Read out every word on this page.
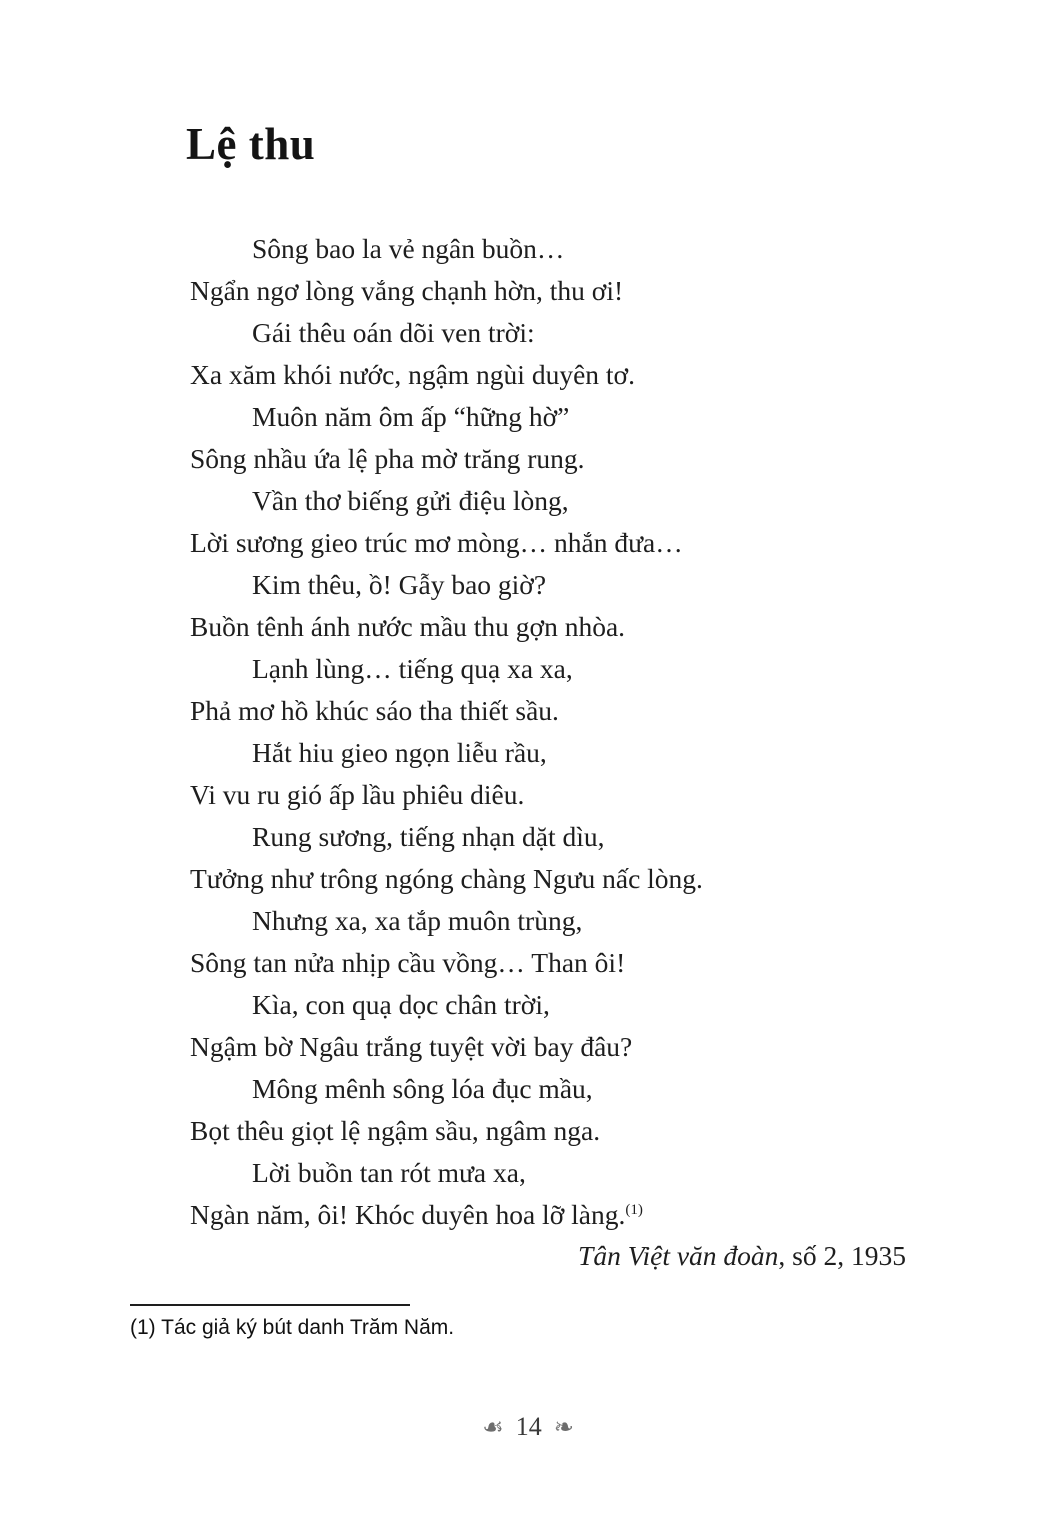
Lệ thu
Sông bao la vẻ ngân buồn…
Ngẩn ngơ lòng vắng chạnh hờn, thu ơi!
Gái thêu oán dõi ven trời:
Xa xăm khói nước, ngậm ngùi duyên tơ.
Muôn năm ôm ấp “hững hờ”
Sông nhầu ứa lệ pha mờ trăng rung.
Vần thơ biếng gửi điệu lòng,
Lời sương gieo trúc mơ mòng… nhắn đưa…
Kim thêu, ồ! Gẫy bao giờ?
Buồn tênh ánh nước mầu thu gợn nhòa.
Lạnh lùng… tiếng quạ xa xa,
Phả mơ hồ khúc sáo tha thiết sầu.
Hắt hiu gieo ngọn liễu rầu,
Vi vu ru gió ấp lầu phiêu diêu.
Rung sương, tiếng nhạn dặt dìu,
Tưởng như trông ngóng chàng Ngưu nấc lòng.
Nhưng xa, xa tắp muôn trùng,
Sông tan nửa nhịp cầu vồng… Than ôi!
Kìa, con quạ dọc chân trời,
Ngậm bờ Ngâu trắng tuyệt vời bay đâu?
Mông mênh sông lóa đục mầu,
Bọt thêu giọt lệ ngậm sầu, ngâm nga.
Lời buồn tan rót mưa xa,
Ngàn năm, ôi! Khóc duyên hoa lỡ làng.$^{(1)}$
Tân Việt văn đoàn, số 2, 1935
(1) Tác giả ký bút danh Trăm Năm.
☙ 14 ❧
